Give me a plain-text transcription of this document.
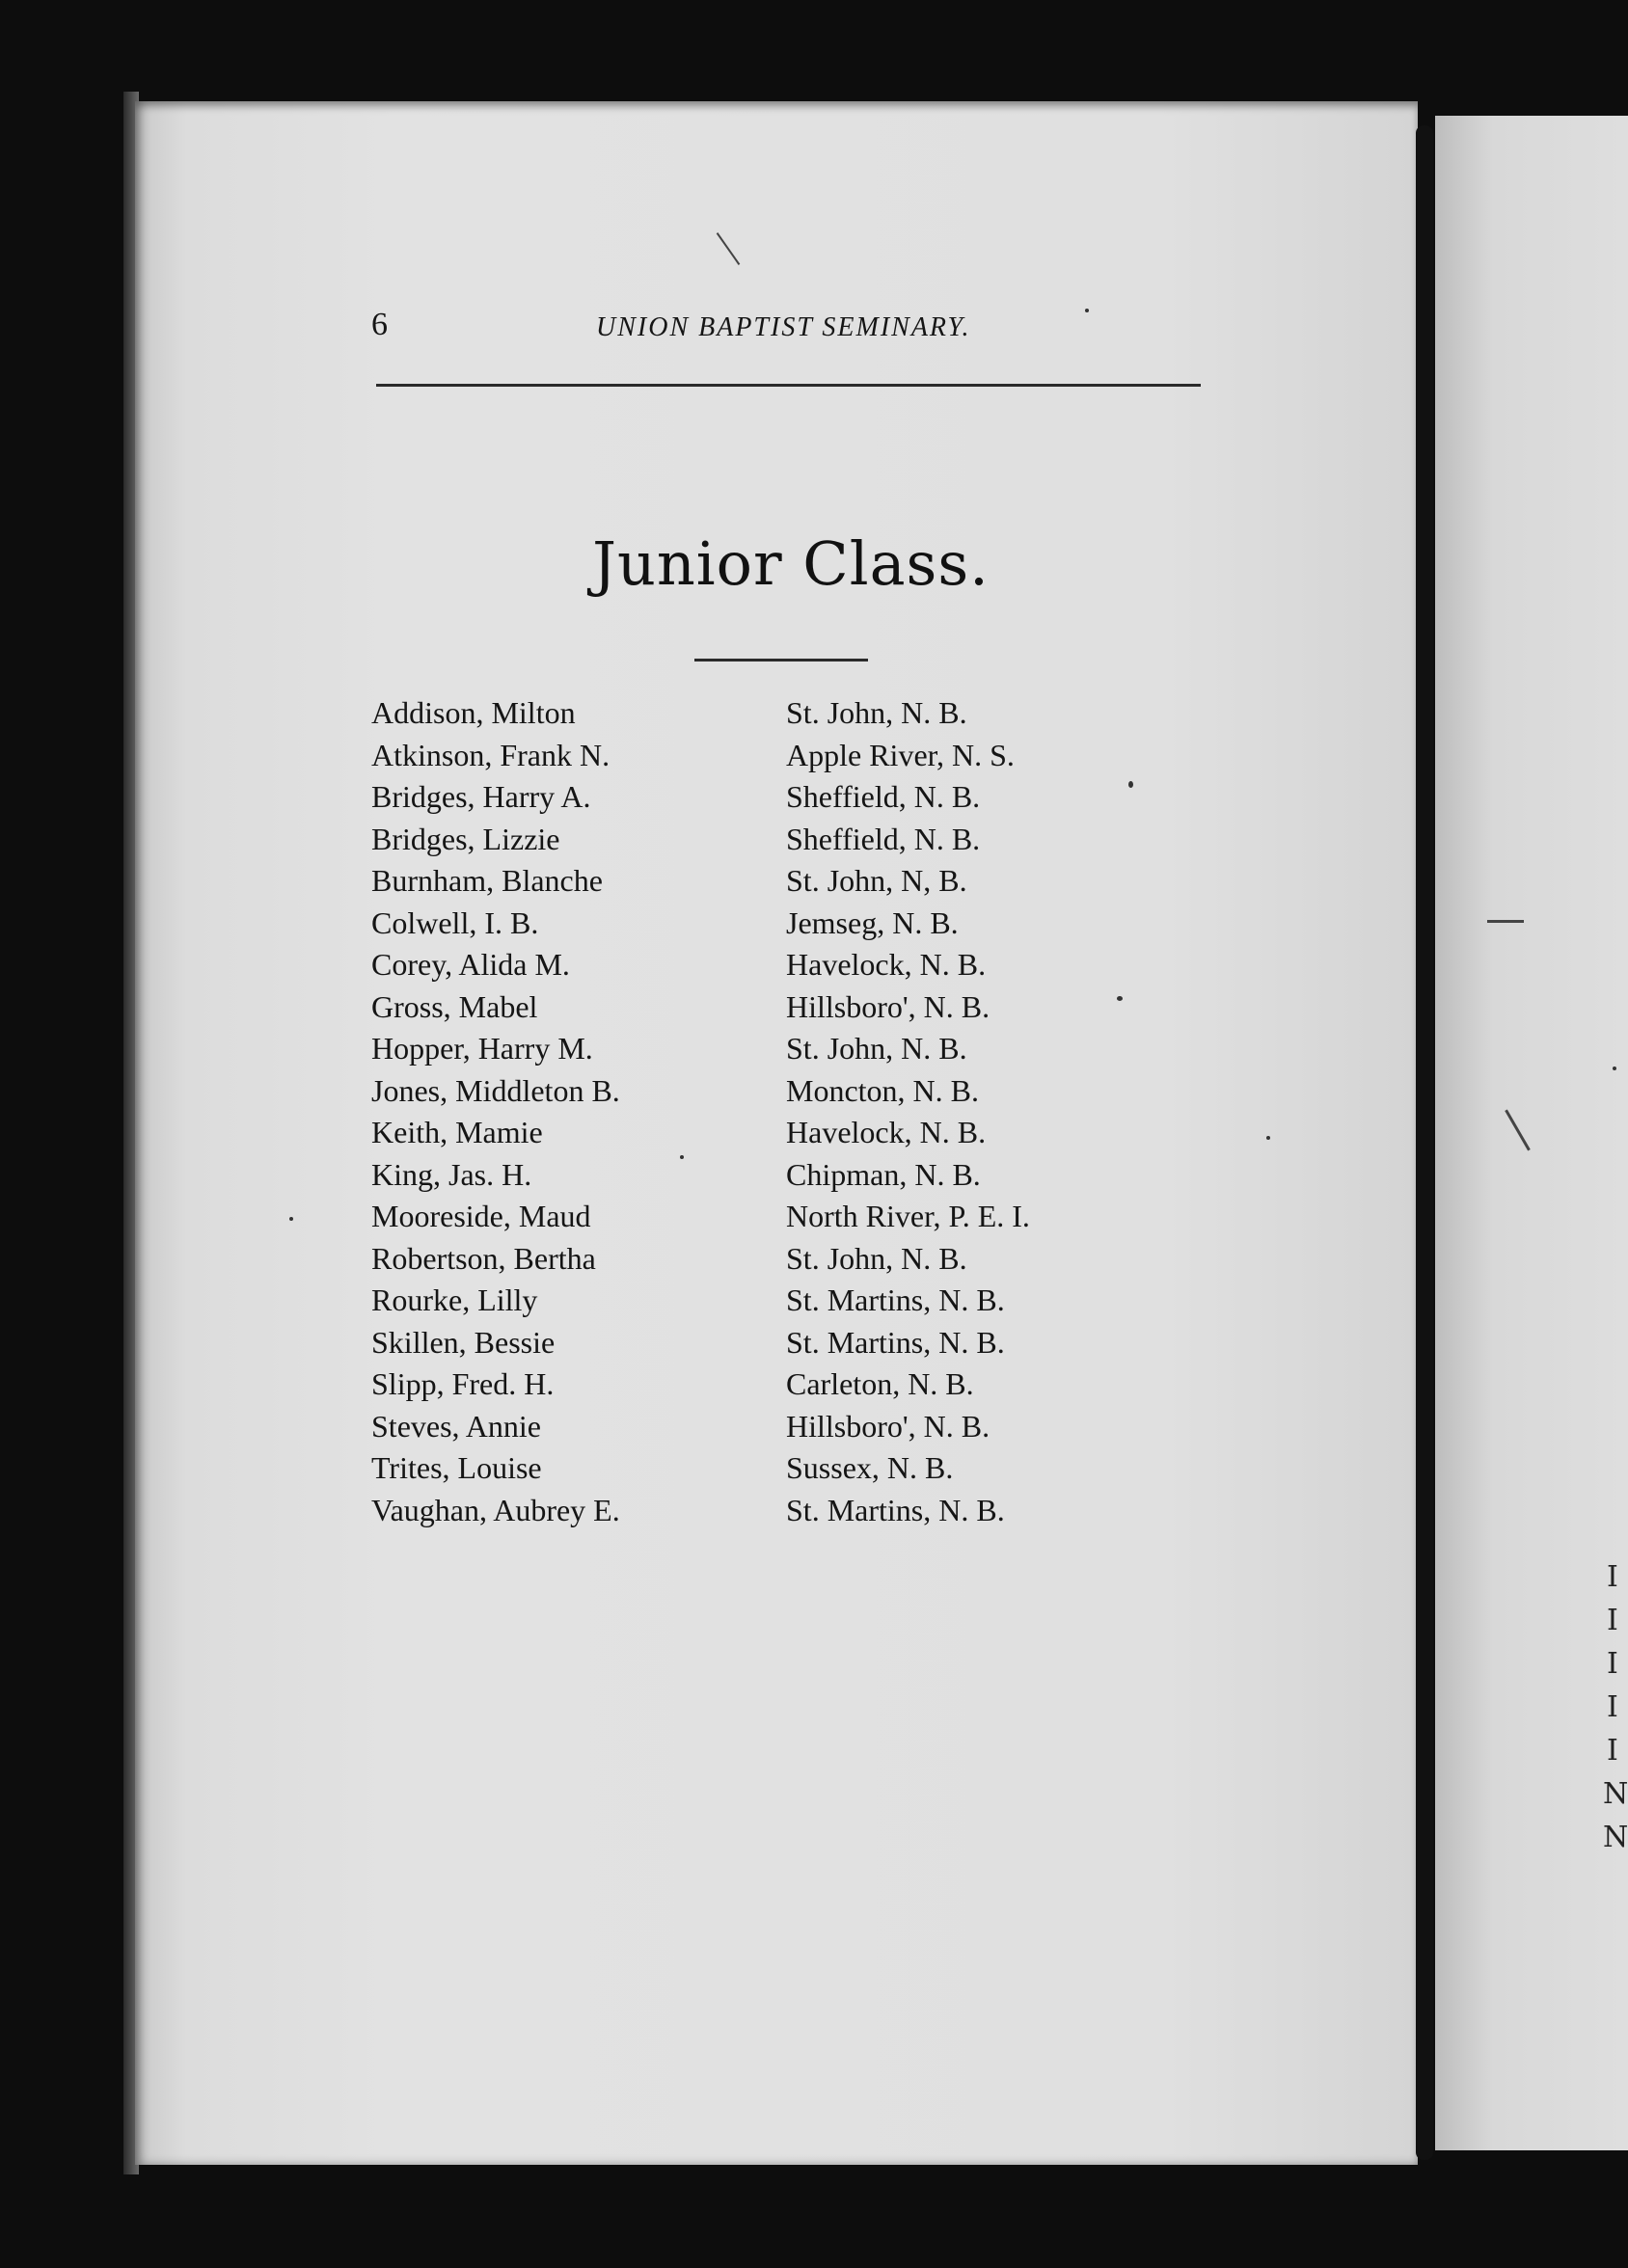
I
I
I
I
I
N
N
6	UNION BAPTIST SEMINARY.
Junior Class.
Addison, Milton	St. John, N. B.
Atkinson, Frank N.	Apple River, N. S.
Bridges, Harry A.	Sheffield, N. B.
Bridges, Lizzie	Sheffield, N. B.
Burnham, Blanche	St. John, N, B.
Colwell, I. B.	Jemseg, N. B.
Corey, Alida M.	Havelock, N. B.
Gross, Mabel	Hillsboro', N. B.
Hopper, Harry M.	St. John, N. B.
Jones, Middleton B.	Moncton, N. B.
Keith, Mamie	Havelock, N. B.
King, Jas. H.	Chipman, N. B.
Mooreside, Maud	North River, P. E. I.
Robertson, Bertha	St. John, N. B.
Rourke, Lilly	St. Martins, N. B.
Skillen, Bessie	St. Martins, N. B.
Slipp, Fred. H.	Carleton, N. B.
Steves, Annie	Hillsboro', N. B.
Trites, Louise	Sussex, N. B.
Vaughan, Aubrey E.	St. Martins, N. B.
